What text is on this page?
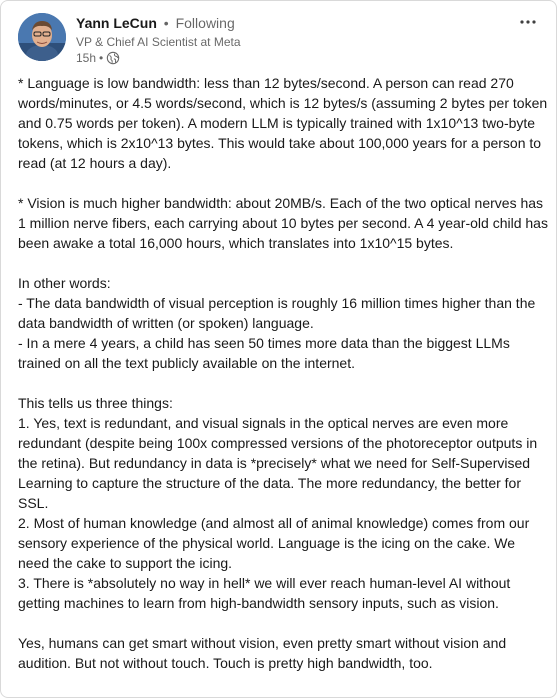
Yann LeCun • Following
VP & Chief AI Scientist at Meta
15h •

* Language is low bandwidth: less than 12 bytes/second. A person can read 270 words/minutes, or 4.5 words/second, which is 12 bytes/s (assuming 2 bytes per token and 0.75 words per token). A modern LLM is typically trained with 1x10^13 two-byte tokens, which is 2x10^13 bytes. This would take about 100,000 years for a person to read (at 12 hours a day).

* Vision is much higher bandwidth: about 20MB/s. Each of the two optical nerves has 1 million nerve fibers, each carrying about 10 bytes per second. A 4 year-old child has been awake a total 16,000 hours, which translates into 1x10^15 bytes.

In other words:

- The data bandwidth of visual perception is roughly 16 million times higher than the data bandwidth of written (or spoken) language.

- In a mere 4 years, a child has seen 50 times more data than the biggest LLMs trained on all the text publicly available on the internet.

This tells us three things:

1. Yes, text is redundant, and visual signals in the optical nerves are even more redundant (despite being 100x compressed versions of the photoreceptor outputs in the retina). But redundancy in data is *precisely* what we need for Self-Supervised Learning to capture the structure of the data. The more redundancy, the better for SSL.

2. Most of human knowledge (and almost all of animal knowledge) comes from our sensory experience of the physical world. Language is the icing on the cake. We need the cake to support the icing.

3. There is *absolutely no way in hell* we will ever reach human-level AI without getting machines to learn from high-bandwidth sensory inputs, such as vision.

Yes, humans can get smart without vision, even pretty smart without vision and audition. But not without touch. Touch is pretty high bandwidth, too.
